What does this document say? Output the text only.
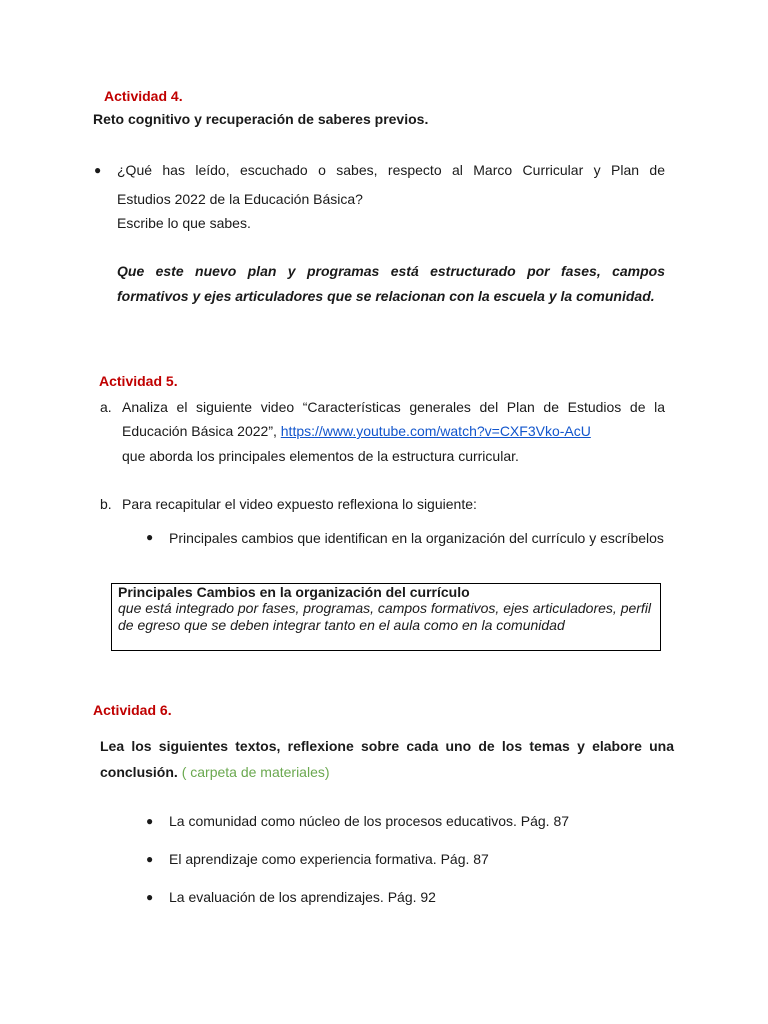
Actividad 4.
Reto cognitivo y recuperación de saberes previos.
● ¿Qué has leído, escuchado o sabes, respecto al Marco Curricular y Plan de
Estudios 2022 de la Educación Básica?
Escribe lo que sabes.
Que este nuevo plan y programas está estructurado por fases, campos formativos y ejes articuladores que se relacionan con la escuela y la comunidad.
Actividad 5.
a. Analiza el siguiente video “Características generales del Plan de Estudios de la
Educación Básica 2022”, https://www.youtube.com/watch?v=CXF3Vko-AcU
que aborda los principales elementos de la estructura curricular.
b. Para recapitular el video expuesto reflexiona lo siguiente:
● Principales cambios que identifican en la organización del currículo y escríbelos
Principales Cambios en la organización del currículo
que está integrado por fases, programas, campos formativos, ejes articuladores, perfil de egreso que se deben integrar tanto en el aula como en la comunidad
Actividad 6.
Lea los siguientes textos, reflexione sobre cada uno de los temas y elabore una conclusión. ( carpeta de materiales)
● La comunidad como núcleo de los procesos educativos. Pág. 87
● El aprendizaje como experiencia formativa. Pág. 87
● La evaluación de los aprendizajes. Pág. 92
